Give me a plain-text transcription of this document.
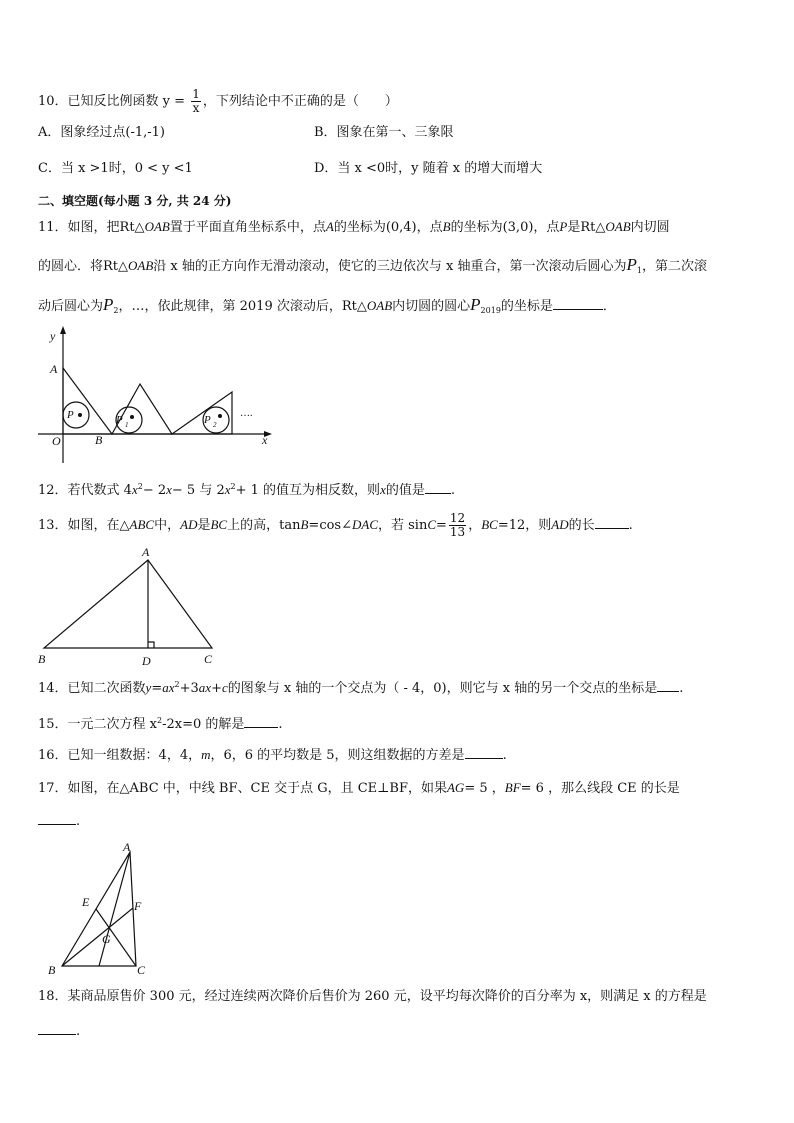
10．已知反比例函数 $y = \frac{1}{x}$ ，下列结论中不正确的是（　　）
A．图象经过点(-1,-1)	B．图象在第一、三象限
C．当 x >1时，0 < y <1	D．当 x <0时，y 随着 x 的增大而增大
二、填空题(每小题 3 分, 共 24 分)
11．如图，把Rt△OAB置于平面直角坐标系中，点A的坐标为(0,4)，点B的坐标为(3,0)，点P是Rt△OAB内切圆
的圆心．将Rt△OAB沿 x 轴的正方向作无滑动滚动，使它的三边依次与 x 轴重合，第一次滚动后圆心为$P_1$，第二次滚
动后圆心为$P_2$，…，依此规律，第 2019 次滚动后，Rt△OAB内切圆的圆心$P_{2019}$的坐标是	．
y
x
A
O	B
P	P 1	P 2
….
12．若代数式 $4x^2- 2x- 5$ 与 $2x^2+ 1$ 的值互为相反数，则x的值是 .
13．如图，在△ABC中，AD是BC上的高，tanB=cos∠DAC，若 $\sin C= \frac{12}{13}$ ，BC=12，则AD的长	.
A
B	D	C
14．已知二次函数$y=ax^2+3ax+c$的图象与 x 轴的一个交点为（ - 4，0)，则它与 x 轴的另一个交点的坐标是 .
15．一元二次方程 $x^2-2x=0$ 的解是	.
16．已知一组数据：4，4，m，6，6 的平均数是 5，则这组数据的方差是	.
17．如图，在△ABC 中，中线 BF、CE 交于点 G，且 CE⊥BF，如果AG= 5 ，BF= 6 ，那么线段 CE 的长是
.
A
E	F
G
B	C
18．某商品原售价 300 元，经过连续两次降价后售价为 260 元，设平均每次降价的百分率为 x，则满足 x 的方程是
.
